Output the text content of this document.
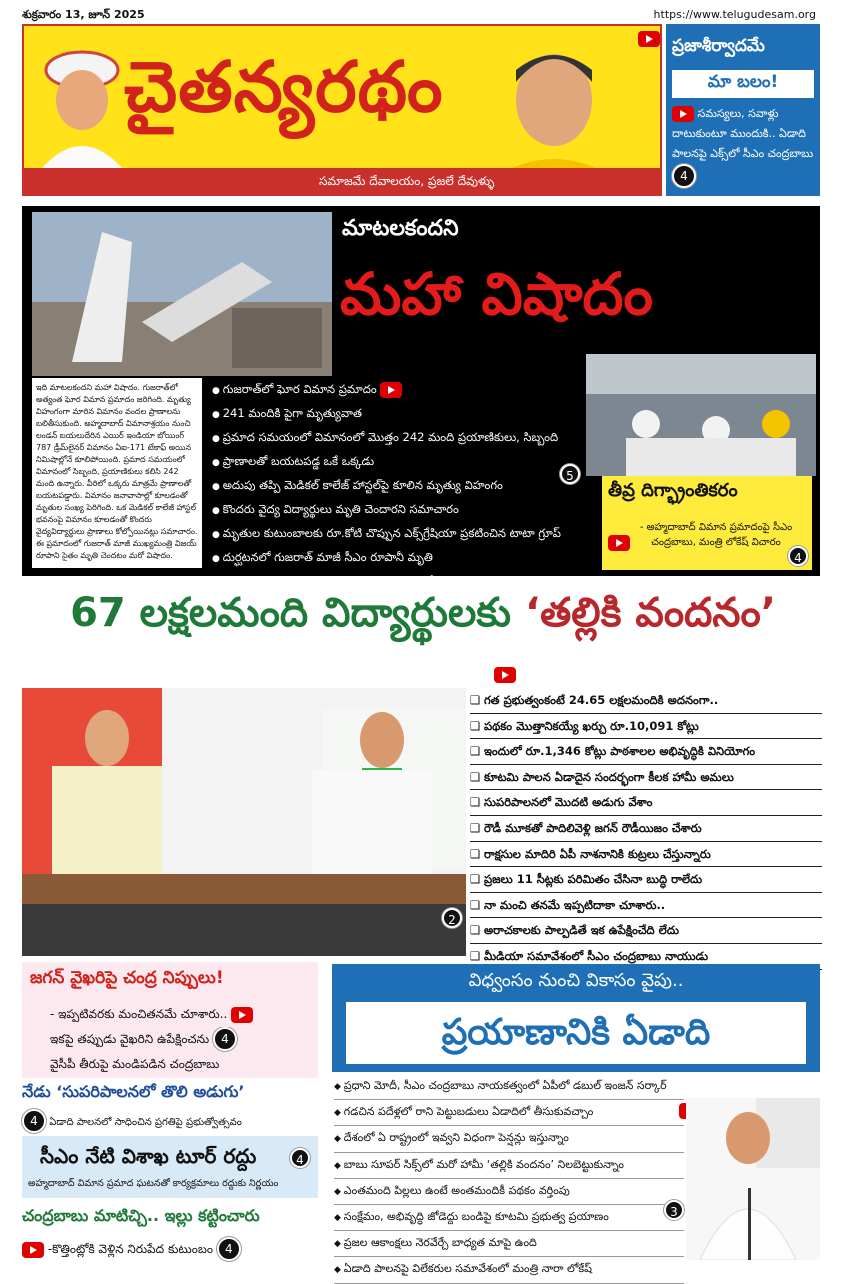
శుక్రవారం 13, జూన్ 2025	https://www.telugudesam.org
చైతన్యరథం

సమాజమే దేవాలయం, ప్రజలే దేవుళ్ళు

ప్రజాశీర్వాదమే

మా బలం!
సమస్యలు, సవాళ్లు దాటుకుంటూ ముందుకి.. ఏడాది పాలనపై ఎక్స్‌లో సీఎం చంద్రబాబు 4
మాటలకందని
మహా విషాదం
ఇది మాటలకందని మహా విషాదం. గుజరాత్‌లో అత్యంత ఘోర విమాన ప్రమాదం జరిగింది. మృత్యు విహంగంగా మారిన విమానం వందల ప్రాణాలను బలితీసుకుంది. అహ్మదాబాద్ విమానాశ్రయం నుంచి లండన్ బయలుదేరిన ఎయిర్ ఇండియా బోయింగ్ 787 డ్రీమ్‌లైనర్ విమానం ఏఐ-171 టేకాఫ్ అయిన నిమిషాల్లోనే కూలిపోయింది. ప్రమాద సమయంలో విమానంలో సిబ్బంది, ప్రయాణికులు కలిసి 242 మంది ఉన్నారు. వీరిలో ఒక్కరు మాత్రమే ప్రాణాలతో బయటపడ్డారు. విమానం జనావాసాల్లో కూలడంతో మృతుల సంఖ్య పెరిగింది. ఒక మెడికల్ కాలేజీ హాస్టల్ భవనంపై విమానం కూలడంతో కొందరు వైద్యవిద్యార్థులు ప్రాణాలు కోల్పోయినట్లు సమాచారం. ఈ ప్రమాదంలో గుజరాత్ మాజీ ముఖ్యమంత్రి విజయ్ రూపాని సైతం మృతి చెందటం మరో విషాదం.
● గుజరాత్‌లో ఘోర విమాన ప్రమాదం
● 241 మందికి పైగా మృత్యువాత
● ప్రమాద సమయంలో విమానంలో మొత్తం 242 మంది ప్రయాణికులు, సిబ్బంది
● ప్రాణాలతో బయటపడ్డ ఒకే ఒక్కడు
● అదుపు తప్పి మెడికల్ కాలేజ్ హాస్టల్‌పై కూలిన మృత్యు విహంగం
● కొందరు వైద్య విద్యార్థులు మృతి చెందారని సమాచారం
● మృతుల కుటుంబాలకు రూ.కోటి చొప్పున ఎక్స్‌గ్రేషియా ప్రకటించిన టాటా గ్రూప్
● దుర్ఘటనలో గుజరాత్ మాజీ సీఎం రూపానీ మృతి
● ఘోర ప్రమాదంపై రాష్ట్రపతి ముర్ము, ప్రధాని మోదీ దిగ్భ్రాంతి
5
తీవ్ర దిగ్భ్రాంతికరం
- అహ్మదాబాద్ విమాన ప్రమాదంపై సీఎం చంద్రబాబు, మంత్రి లోకేష్ విచారం
4
67 లక్షలమంది విద్యార్థులకు ‘తల్లికి వందనం’

2
❑ గత ప్రభుత్వంకంటే 24.65 లక్షలమందికి అదనంగా..
❑ పథకం మొత్తానికయ్యే ఖర్చు రూ.10,091 కోట్లు
❑ ఇందులో రూ.1,346 కోట్లు పాఠశాలల అభివృద్ధికి వినియోగం
❑ కూటమి పాలన ఏడాదైన సందర్భంగా కీలక హామీ అమలు
❑ సుపరిపాలనలో మొదటి అడుగు వేశాం
❑ రౌడీ మూకతో పాదిలివెళ్లి జగన్ రౌడీయిజం చేశారు
❑ రాక్షసుల మాదిరి ఏపీ నాశనానికి కుట్రలు చేస్తున్నారు
❑ ప్రజలు 11 సీట్లకు పరిమితం చేసినా బుద్ధి రాలేదు
❑ నా మంచి తనమే ఇప్పటిదాకా చూశారు..
❑ అరాచకాలకు పాల్పడితే ఇక ఉపేక్షించేది లేదు
❑ మీడియా సమావేశంలో సీఎం చంద్రబాబు నాయుడు
జగన్ వైఖరిపై చంద్ర నిప్పులు!
- ఇప్పటివరకు మంచితనమే చూశారు..
ఇకపై తప్పుడు వైఖరిని ఉపేక్షించను 4
వైసీపీ తీరుపై మండిపడిన చంద్రబాబు
నేడు ‘సుపరిపాలనలో తొలి అడుగు’
4 ఏడాది పాలనలో సాధించిన ప్రగతిపై ప్రభుత్వోత్సవం
సీఎం నేటి విశాఖ టూర్ రద్దు	4
అహ్మదాబాద్ విమాన ప్రమాద ఘటనతో కార్యక్రమాలు రద్దుకు నిర్ణయం
చంద్రబాబు మాటిచ్చి.. ఇల్లు కట్టించారు
-కొత్తింట్లోకి వెళ్లిన నిరుపేద కుటుంబం 4
విధ్వంసం నుంచి వికాసం వైపు..
ప్రయాణానికి ఏడాది
◆ ప్రధాని మోదీ, సీఎం చంద్రబాబు నాయకత్వంలో ఏపీలో డబుల్ ఇంజన్ సర్కార్
◆ గడచిన పదేళ్లలో రాని పెట్టుబడులు ఏడాదిలో తీసుకువచ్చాం
◆ దేశంలో ఏ రాష్ట్రంలో ఇవ్వని విధంగా పెన్షన్లు ఇస్తున్నాం
◆ బాబు సూపర్ సిక్స్‌లో మరో హామీ ‘తల్లికి వందనం’ నిలబెట్టుకున్నాం
◆ ఎంతమంది పిల్లలు ఉంటే అంతమందికీ పథకం వర్తింపు
◆ సంక్షేమం, అభివృద్ధి జోడెద్దు బండిపై కూటమి ప్రభుత్వ ప్రయాణం
◆ ప్రజల ఆకాంక్షలు నెరవేర్చే బాధ్యత మాపై ఉంది
◆ ఏడాది పాలనపై విలేకరుల సమావేశంలో మంత్రి నారా లోకేష్
3
